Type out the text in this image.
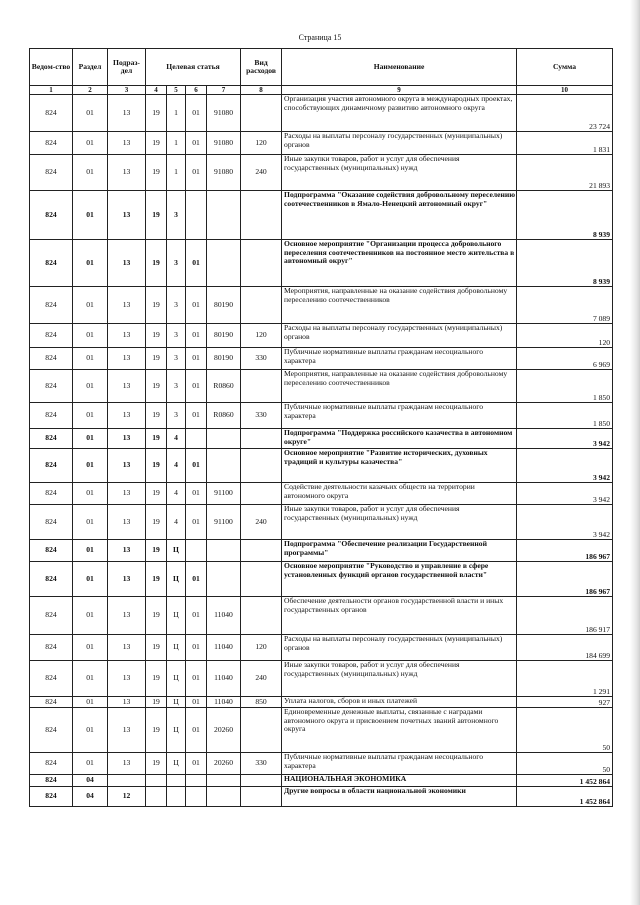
Страница 15
Ведом-ство	Раздел	Подраз-дел	Целевая статья				Вид расходов	Наименование	Сумма
1	2	3	4	5	6	7	8	9	10
824	01	13	19	1	01	91080		Организация участия автономного округа в международных проектах, способствующих динамичному развитию автономного округа	23 724
824	01	13	19	1	01	91080	120	Расходы на выплаты персоналу государственных (муниципальных) органов	1 831
824	01	13	19	1	01	91080	240	Иные закупки товаров, работ и услуг для обеспечения государственных (муниципальных) нужд	21 893
824	01	13	19	3				Подпрограмма "Оказание содействия добровольному переселению соотечественников в Ямало-Ненецкий автономный округ"	8 939
824	01	13	19	3	01			Основное мероприятие "Организации процесса добровольного переселения соотечественников на постоянное место жительства в автономный округ"	8 939
824	01	13	19	3	01	80190		Мероприятия, направленные на оказание содействия добровольному переселению соотечественников	7 089
824	01	13	19	3	01	80190	120	Расходы на выплаты персоналу государственных (муниципальных) органов	120
824	01	13	19	3	01	80190	330	Публичные нормативные выплаты гражданам несоциального характера	6 969
824	01	13	19	3	01	R0860		Мероприятия, направленные на оказание содействия добровольному переселению соотечественников	1 850
824	01	13	19	3	01	R0860	330	Публичные нормативные выплаты гражданам несоциального характера	1 850
824	01	13	19	4				Подпрограмма "Поддержка российского казачества в автономном округе"	3 942
824	01	13	19	4	01			Основное мероприятие "Развитие исторических, духовных традиций и культуры казачества"	3 942
824	01	13	19	4	01	91100		Содействие деятельности казачьих обществ на территории автономного округа	3 942
824	01	13	19	4	01	91100	240	Иные закупки товаров, работ и услуг для обеспечения государственных (муниципальных) нужд	3 942
824	01	13	19	Ц				Подпрограмма "Обеспечение реализации Государственной программы"	186 967
824	01	13	19	Ц	01			Основное мероприятие "Руководство и управление в сфере установленных функций органов государственной власти"	186 967
824	01	13	19	Ц	01	11040		Обеспечение деятельности органов государственной власти и иных государственных органов	186 917
824	01	13	19	Ц	01	11040	120	Расходы на выплаты персоналу государственных (муниципальных) органов	184 699
824	01	13	19	Ц	01	11040	240	Иные закупки товаров, работ и услуг для обеспечения государственных (муниципальных) нужд	1 291
824	01	13	19	Ц	01	11040	850	Уплата налогов, сборов и иных платежей	927
824	01	13	19	Ц	01	20260		Единовременные денежные выплаты, связанные с наградами автономного округа и присвоением почетных званий автономного округа	50
824	01	13	19	Ц	01	20260	330	Публичные нормативные выплаты гражданам несоциального характера	50
824	04							НАЦИОНАЛЬНАЯ ЭКОНОМИКА	1 452 864
824	04	12						Другие вопросы в области национальной экономики	1 452 864
